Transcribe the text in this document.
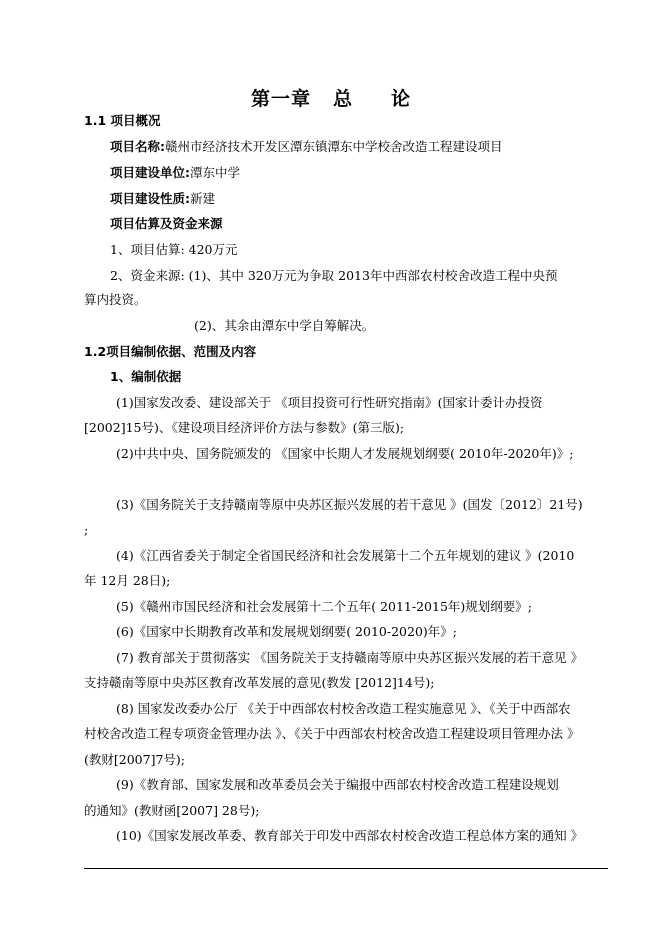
第一章 总 论
1.1 项目概况
项目名称:赣州市经济技术开发区潭东镇潭东中学校舍改造工程建设项目
项目建设单位:潭东中学
项目建设性质:新建
项目估算及资金来源
1、项目估算: 420万元
2、资金来源: (1)、其中 320万元为争取 2013年中西部农村校舍改造工程中央预
算内投资。
(2)、其余由潭东中学自筹解决。
1.2项目编制依据、范围及内容
1、编制依据
(1)国家发改委、建设部关于 《项目投资可行性研究指南》(国家计委计办投资
[2002]15号)、《建设项目经济评价方法与参数》(第三版);
(2)中共中央、国务院颁发的 《国家中长期人才发展规划纲要( 2010年-2020年)》;
(3)《国务院关于支持赣南等原中央苏区振兴发展的若干意见 》(国发〔2012〕21号)
;
(4)《江西省委关于制定全省国民经济和社会发展第十二个五年规划的建议 》(2010
年 12月 28日);
(5)《赣州市国民经济和社会发展第十二个五年( 2011-2015年)规划纲要》;
(6)《国家中长期教育改革和发展规划纲要( 2010-2020)年》;
(7) 教育部关于贯彻落实 《国务院关于支持赣南等原中央苏区振兴发展的若干意见 》
支持赣南等原中央苏区教育改革发展的意见(教发 [2012]14号);
(8) 国家发改委办公厅 《关于中西部农村校舍改造工程实施意见 》、《关于中西部农
村校舍改造工程专项资金管理办法 》、《关于中西部农村校舍改造工程建设项目管理办法 》
(教财[2007]7号);
(9)《教育部、国家发展和改革委员会关于编报中西部农村校舍改造工程建设规划
的通知》(教财函[2007] 28号);
(10)《国家发展改革委、教育部关于印发中西部农村校舍改造工程总体方案的通知 》
